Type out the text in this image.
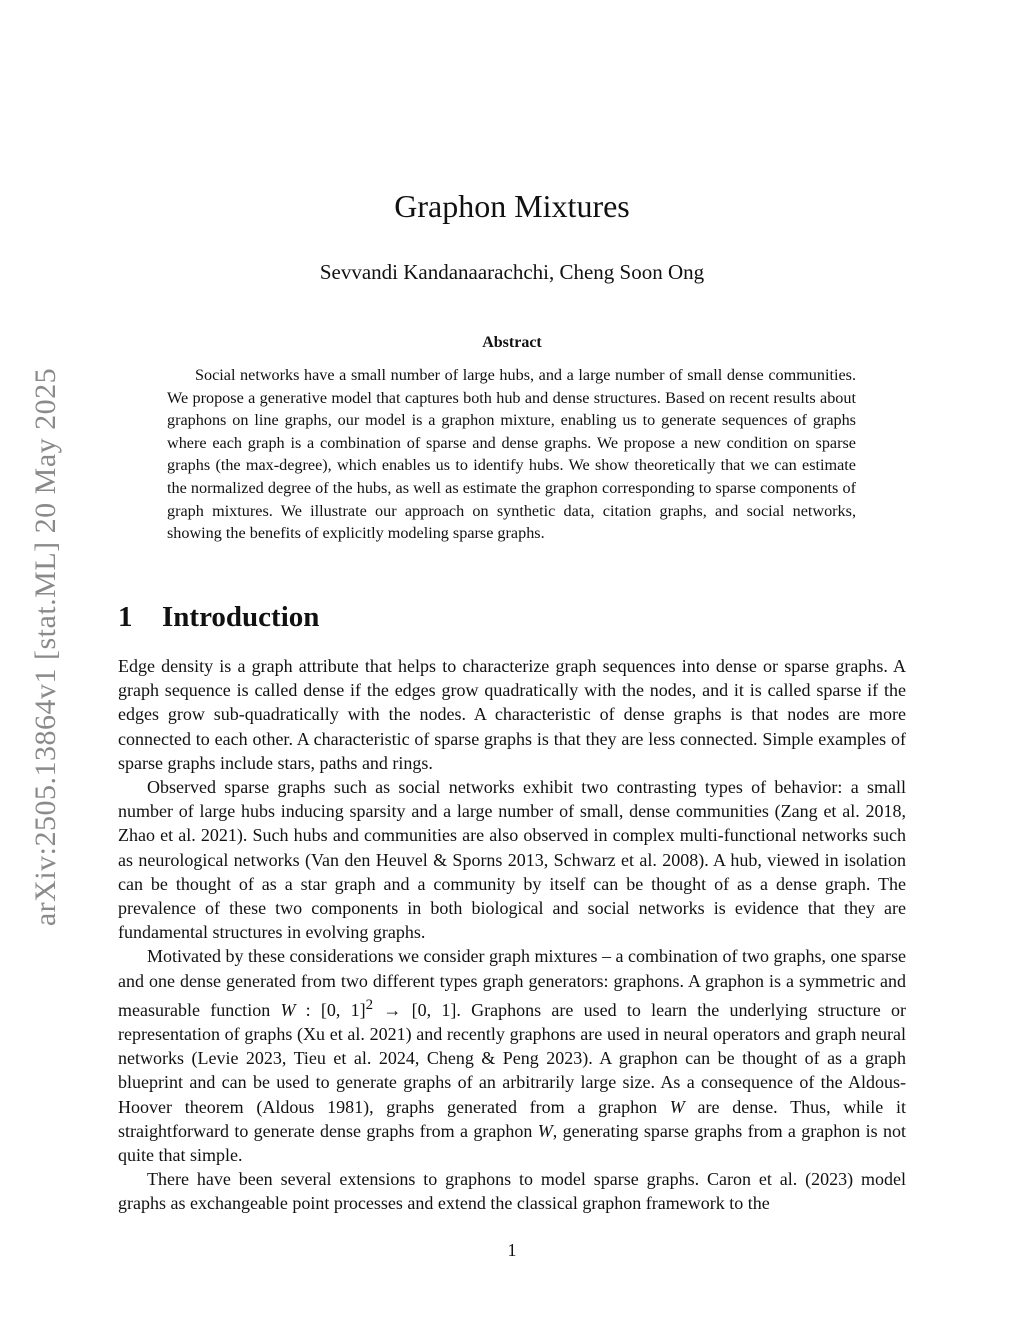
arXiv:2505.13864v1 [stat.ML] 20 May 2025
Graphon Mixtures
Sevvandi Kandanaarachchi, Cheng Soon Ong
Abstract

Social networks have a small number of large hubs, and a large number of small dense communities. We propose a generative model that captures both hub and dense structures. Based on recent results about graphons on line graphs, our model is a graphon mixture, enabling us to generate sequences of graphs where each graph is a combination of sparse and dense graphs. We propose a new condition on sparse graphs (the max-degree), which enables us to identify hubs. We show theoretically that we can estimate the normalized degree of the hubs, as well as estimate the graphon corresponding to sparse components of graph mixtures. We illustrate our approach on synthetic data, citation graphs, and social networks, showing the benefits of explicitly modeling sparse graphs.

1 Introduction

Edge density is a graph attribute that helps to characterize graph sequences into dense or sparse graphs. A graph sequence is called dense if the edges grow quadratically with the nodes, and it is called sparse if the edges grow sub-quadratically with the nodes. A characteristic of dense graphs is that nodes are more connected to each other. A characteristic of sparse graphs is that they are less connected. Simple examples of sparse graphs include stars, paths and rings.

Observed sparse graphs such as social networks exhibit two contrasting types of behavior: a small number of large hubs inducing sparsity and a large number of small, dense communities (Zang et al. 2018, Zhao et al. 2021). Such hubs and communities are also observed in complex multi-functional networks such as neurological networks (Van den Heuvel & Sporns 2013, Schwarz et al. 2008). A hub, viewed in isolation can be thought of as a star graph and a community by itself can be thought of as a dense graph. The prevalence of these two components in both biological and social networks is evidence that they are fundamental structures in evolving graphs.

Motivated by these considerations we consider graph mixtures – a combination of two graphs, one sparse and one dense generated from two different types graph generators: graphons. A graphon is a symmetric and measurable function W : [0, 1]$^2$ → [0, 1]. Graphons are used to learn the underlying structure or representation of graphs (Xu et al. 2021) and recently graphons are used in neural operators and graph neural networks (Levie 2023, Tieu et al. 2024, Cheng & Peng 2023). A graphon can be thought of as a graph blueprint and can be used to generate graphs of an arbitrarily large size. As a consequence of the Aldous-Hoover theorem (Aldous 1981), graphs generated from a graphon W are dense. Thus, while it straightforward to generate dense graphs from a graphon W, generating sparse graphs from a graphon is not quite that simple.

There have been several extensions to graphons to model sparse graphs. Caron et al. (2023) model graphs as exchangeable point processes and extend the classical graphon framework to the

1
